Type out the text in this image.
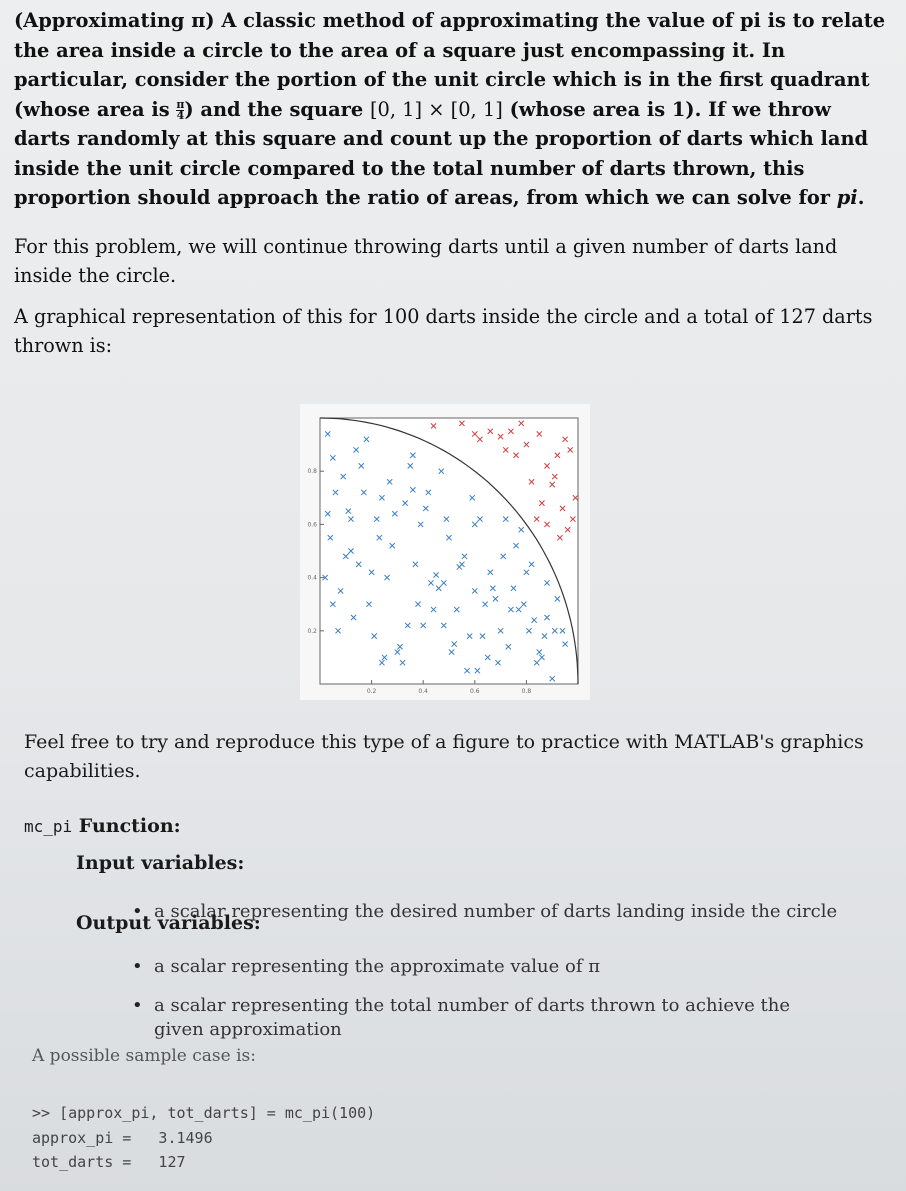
(Approximating π) A classic method of approximating the value of pi is to relate the area inside a circle to the area of a square just encompassing it. In particular, consider the portion of the unit circle which is in the first quadrant (whose area is $\frac{\pi}{4}$ ) and the square [0, 1] × [0, 1] (whose area is 1). If we throw darts randomly at this square and count up the proportion of darts which land inside the unit circle compared to the total number of darts thrown, this proportion should approach the ratio of areas, from which we can solve for pi.

For this problem, we will continue throwing darts until a given number of darts land inside the circle.

A graphical representation of this for 100 darts inside the circle and a total of 127 darts thrown is:

0.2
0.4
0.6
0.8
0.2	0.4	0.6	0.8

Feel free to try and reproduce this type of a figure to practice with MATLAB's graphics capabilities.

mc_pi Function:
Input variables:
• a scalar representing the desired number of darts landing inside the circle
Output variables:
• a scalar representing the approximate value of π
• a scalar representing the total number of darts thrown to achieve the given approximation
A possible sample case is:
>> [approx_pi, tot_darts] = mc_pi(100)
approx_pi =   3.1496
tot_darts =   127
